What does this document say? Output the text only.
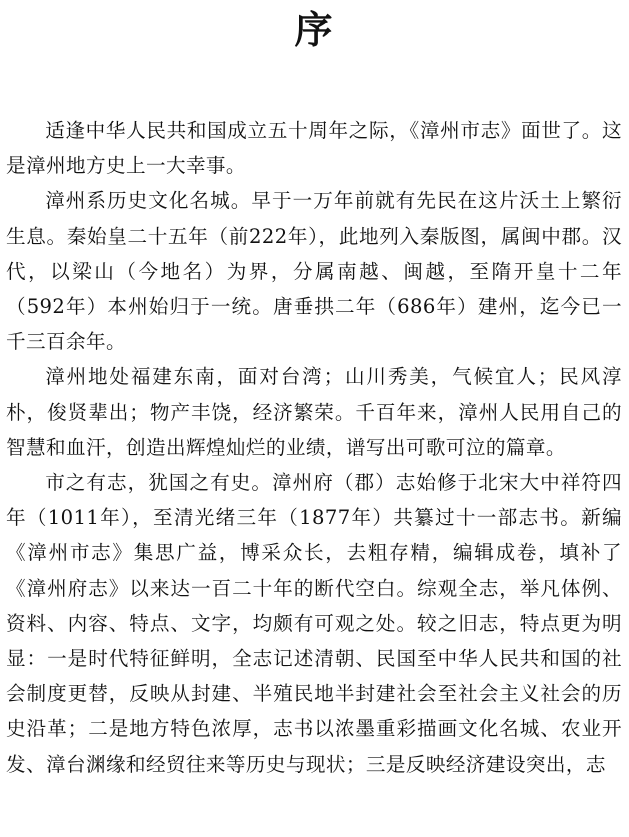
序

适逢中华人民共和国成立五十周年之际，《漳州市志》面世了。这是漳州地方史上一大幸事。

漳州系历史文化名城。早于一万年前就有先民在这片沃土上繁衍生息。秦始皇二十五年（前222年），此地列入秦版图，属闽中郡。汉代，以梁山（今地名）为界，分属南越、闽越，至隋开皇十二年（592年）本州始归于一统。唐垂拱二年（686年）建州，迄今已一千三百余年。

漳州地处福建东南，面对台湾；山川秀美，气候宜人；民风淳朴，俊贤辈出；物产丰饶，经济繁荣。千百年来，漳州人民用自己的智慧和血汗，创造出辉煌灿烂的业绩，谱写出可歌可泣的篇章。

市之有志，犹国之有史。漳州府（郡）志始修于北宋大中祥符四年（1011年），至清光绪三年（1877年）共纂过十一部志书。新编《漳州市志》集思广益，博采众长，去粗存精，编辑成卷，填补了《漳州府志》以来达一百二十年的断代空白。综观全志，举凡体例、资料、内容、特点、文字，均颇有可观之处。较之旧志，特点更为明显：一是时代特征鲜明，全志记述清朝、民国至中华人民共和国的社会制度更替，反映从封建、半殖民地半封建社会至社会主义社会的历史沿革；二是地方特色浓厚，志书以浓墨重彩描画文化名城、农业开发、漳台渊缘和经贸往来等历史与现状；三是反映经济建设突出，志
